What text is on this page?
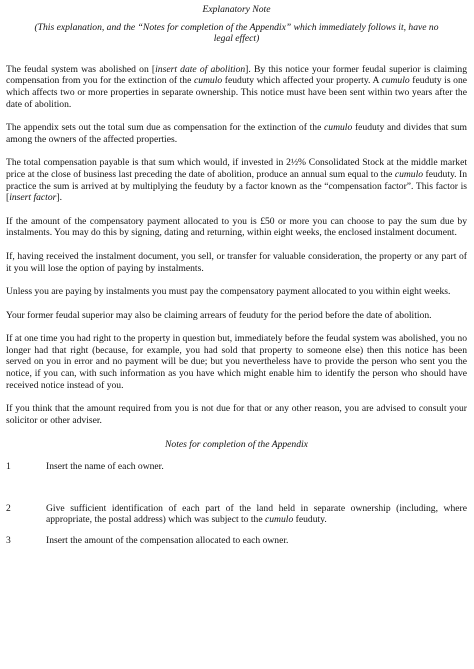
Explanatory Note

(This explanation, and the “Notes for completion of the Appendix” which immediately follows it, have no legal effect)

The feudal system was abolished on [insert date of abolition]. By this notice your former feudal superior is claiming compensation from you for the extinction of the cumulo feuduty which affected your property. A cumulo feuduty is one which affects two or more properties in separate ownership. This notice must have been sent within two years after the date of abolition.

The appendix sets out the total sum due as compensation for the extinction of the cumulo feuduty and divides that sum among the owners of the affected properties.

The total compensation payable is that sum which would, if invested in 2½% Consolidated Stock at the middle market price at the close of business last preceding the date of abolition, produce an annual sum equal to the cumulo feuduty. In practice the sum is arrived at by multiplying the feuduty by a factor known as the “compensation factor”. This factor is [insert factor].

If the amount of the compensatory payment allocated to you is £50 or more you can choose to pay the sum due by instalments. You may do this by signing, dating and returning, within eight weeks, the enclosed instalment document.

If, having received the instalment document, you sell, or transfer for valuable consideration, the property or any part of it you will lose the option of paying by instalments.

Unless you are paying by instalments you must pay the compensatory payment allocated to you within eight weeks.

Your former feudal superior may also be claiming arrears of feuduty for the period before the date of abolition.

If at one time you had right to the property in question but, immediately before the feudal system was abolished, you no longer had that right (because, for example, you had sold that property to someone else) then this notice has been served on you in error and no payment will be due; but you nevertheless have to provide the person who sent you the notice, if you can, with such information as you have which might enable him to identify the person who should have received notice instead of you.

If you think that the amount required from you is not due for that or any other reason, you are advised to consult your solicitor or other adviser.

Notes for completion of the Appendix

1	Insert the name of each owner.
2	Give sufficient identification of each part of the land held in separate ownership (including, where appropriate, the postal address) which was subject to the cumulo feuduty.
3	Insert the amount of the compensation allocated to each owner.
